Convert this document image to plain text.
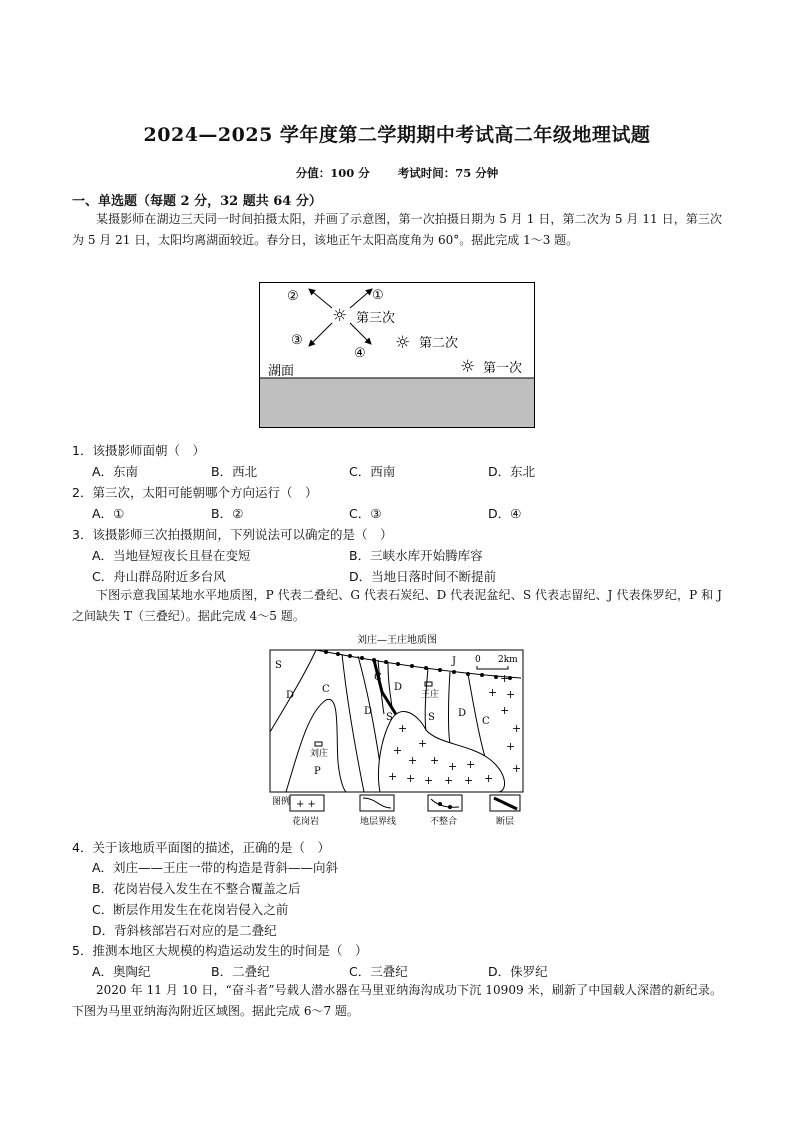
2024—2025 学年度第二学期期中考试高二年级地理试题
分值：100 分 考试时间：75 分钟
一、单选题（每题 2 分，32 题共 64 分）
某摄影师在湖边三天同一时间拍摄太阳，并画了示意图，第一次拍摄日期为 5 月 1 日，第二次为 5 月 11 日，第三次为 5 月 21 日，太阳均离湖面较近。春分日，该地正午太阳高度角为 60°。据此完成 1～3 题。
①
②
③
④
☼ 第三次
☼ 第二次
☼ 第一次
湖面
1．该摄影师面朝（　）
A．东南	B．西北	C．西南	D．东北
2．第三次，太阳可能朝哪个方向运行（　）
A．①	B．②	C．③	D．④
3．该摄影师三次拍摄期间，下列说法可以确定的是（　）
A．当地昼短夜长且昼在变短	B．三峡水库开始腾库容
C．舟山群岛附近多台风	D．当地日落时间不断提前
下图示意我国某地水平地质图，P 代表二叠纪、G 代表石炭纪、D 代表泥盆纪、S 代表志留纪、J 代表侏罗纪，P 和 J 之间缺失 T（三叠纪）。据此完成 4～5 题。
刘庄—王庄地质图
+
+
+
+ + + +
+ + + + + +
+
+ +
+
+
+
+
S
D
C
P
C
D
S
D
S D
C
J 0 2km
王庄
刘庄
图例 + +
花岗岩	地层界线	不整合	断层
4．关于该地质平面图的描述，正确的是（　）
A．刘庄——王庄一带的构造是背斜——向斜
B．花岗岩侵入发生在不整合覆盖之后
C．断层作用发生在花岗岩侵入之前
D．背斜核部岩石对应的是二叠纪
5．推测本地区大规模的构造运动发生的时间是（　）
A．奥陶纪	B．二叠纪	C．三叠纪	D．侏罗纪
2020 年 11 月 10 日，“奋斗者”号载人潜水器在马里亚纳海沟成功下沉 10909 米，刷新了中国载人深潜的新纪录。下图为马里亚纳海沟附近区域图。据此完成 6～7 题。
